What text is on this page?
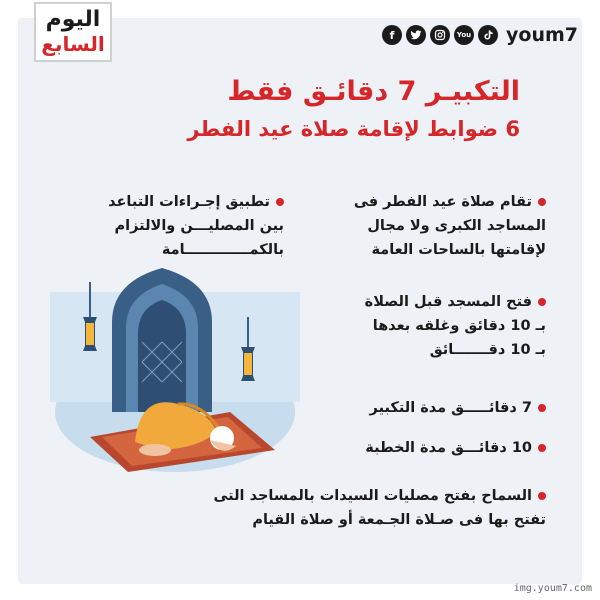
اليوم
السابع	f	You youm7
التكبيـر 7 دقائـق فقط
6 ضوابط لإقامة صلاة عيد الفطر
تقام صلاة عيد الفطر فى
المساجد الكبرى ولا مجال
لإقامتها بالساحات العامة
فتح المسجد قبل الصلاة
بـ 10 دقائق وغلقه بعدها
بـ 10 دقـــــــائق
7 دقائـــــق مدة التكبير
10 دقائـــق مدة الخطبة
السماح بفتح مصليات السيدات بالمساجد التى
تفتح بها فى صـلاة الجـمعة أو صلاة القيام
تطبيق إجـراءات التباعد
بين المصليـــن والالتزام
بالكمـــــــــــــامة
img.youm7.com
